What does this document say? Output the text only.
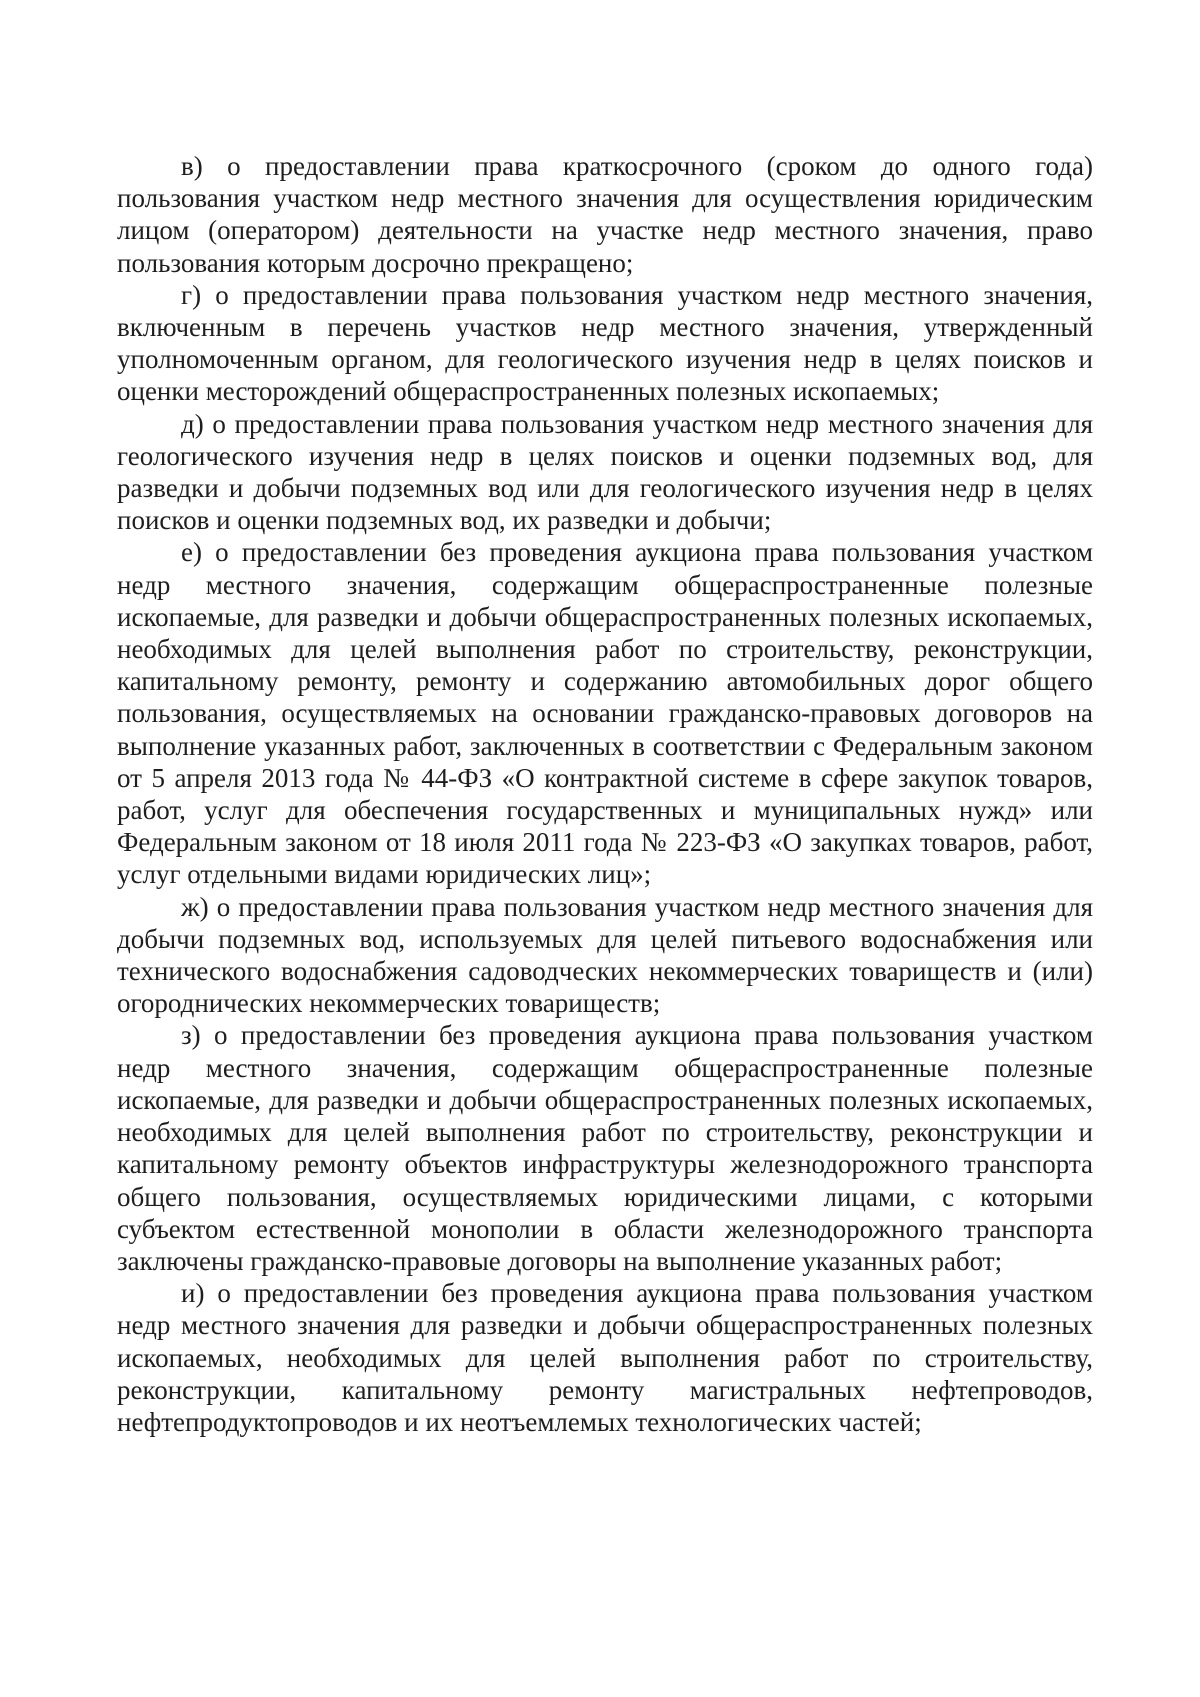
в) о предоставлении права краткосрочного (сроком до одного года) пользования участком недр местного значения для осуществления юридическим лицом (оператором) деятельности на участке недр местного значения, право пользования которым досрочно прекращено;

г) о предоставлении права пользования участком недр местного значения, включенным в перечень участков недр местного значения, утвержденный уполномоченным органом, для геологического изучения недр в целях поисков и оценки месторождений общераспространенных полезных ископаемых;

д) о предоставлении права пользования участком недр местного значения для геологического изучения недр в целях поисков и оценки подземных вод, для разведки и добычи подземных вод или для геологического изучения недр в целях поисков и оценки подземных вод, их разведки и добычи;

е) о предоставлении без проведения аукциона права пользования участком недр местного значения, содержащим общераспространенные полезные ископаемые, для разведки и добычи общераспространенных полезных ископаемых, необходимых для целей выполнения работ по строительству, реконструкции, капитальному ремонту, ремонту и содержанию автомобильных дорог общего пользования, осуществляемых на основании гражданско-правовых договоров на выполнение указанных работ, заключенных в соответствии с Федеральным законом от 5 апреля 2013 года № 44-ФЗ «О контрактной системе в сфере закупок товаров, работ, услуг для обеспечения государственных и муниципальных нужд» или Федеральным законом от 18 июля 2011 года № 223-ФЗ «О закупках товаров, работ, услуг отдельными видами юридических лиц»;

ж) о предоставлении права пользования участком недр местного значения для добычи подземных вод, используемых для целей питьевого водоснабжения или технического водоснабжения садоводческих некоммерческих товариществ и (или) огороднических некоммерческих товариществ;

з) о предоставлении без проведения аукциона права пользования участком недр местного значения, содержащим общераспространенные полезные ископаемые, для разведки и добычи общераспространенных полезных ископаемых, необходимых для целей выполнения работ по строительству, реконструкции и капитальному ремонту объектов инфраструктуры железнодорожного транспорта общего пользования, осуществляемых юридическими лицами, с которыми субъектом естественной монополии в области железнодорожного транспорта заключены гражданско-правовые договоры на выполнение указанных работ;

и) о предоставлении без проведения аукциона права пользования участком недр местного значения для разведки и добычи общераспространенных полезных ископаемых, необходимых для целей выполнения работ по строительству, реконструкции, капитальному ремонту магистральных нефтепроводов, нефтепродуктопроводов и их неотъемлемых технологических частей;
